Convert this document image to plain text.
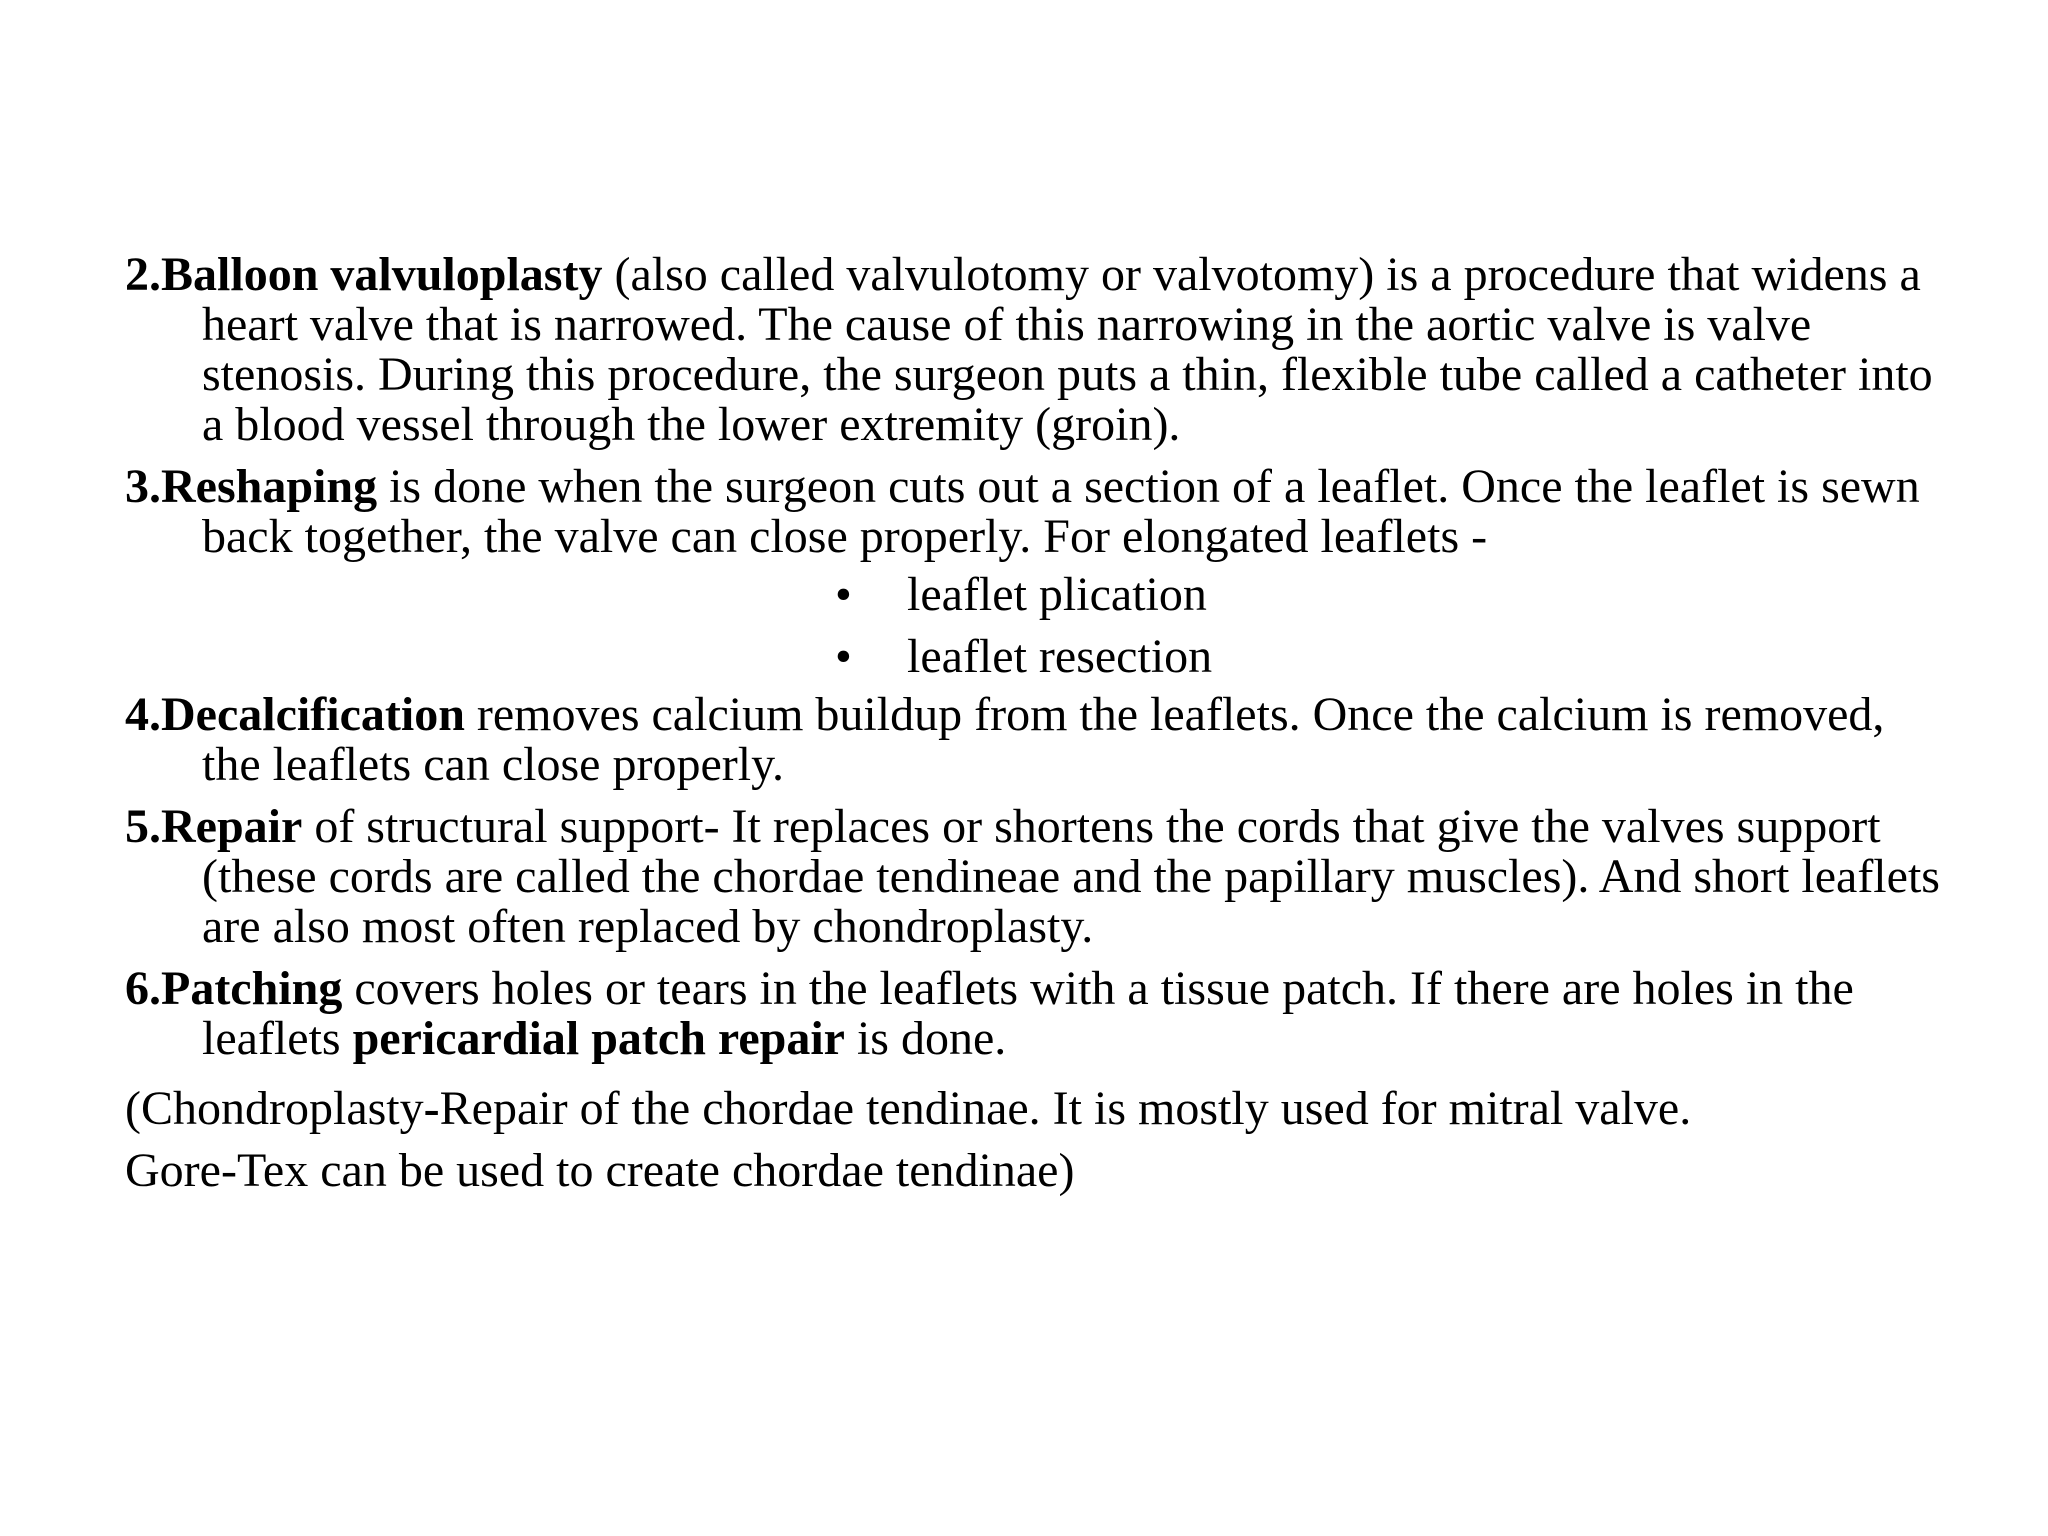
2.Balloon valvuloplasty (also called valvulotomy or valvotomy) is a procedure that widens a heart valve that is narrowed. The cause of this narrowing in the aortic valve is valve stenosis. During this procedure, the surgeon puts a thin, flexible tube called a catheter into a blood vessel through the lower extremity (groin).

3.Reshaping is done when the surgeon cuts out a section of a leaflet. Once the leaflet is sewn back together, the valve can close properly. For elongated leaflets -

•	leaflet plication
•	leaflet resection

4.Decalcification removes calcium buildup from the leaflets. Once the calcium is removed, the leaflets can close properly.

5.Repair of structural support- It replaces or shortens the cords that give the valves support (these cords are called the chordae tendineae and the papillary muscles). And short leaflets are also most often replaced by chondroplasty.

6.Patching covers holes or tears in the leaflets with a tissue patch. If there are holes in the leaflets pericardial patch repair is done.

(Chondroplasty-Repair of the chordae tendinae. It is mostly used for mitral valve.

Gore-Tex can be used to create chordae tendinae)
